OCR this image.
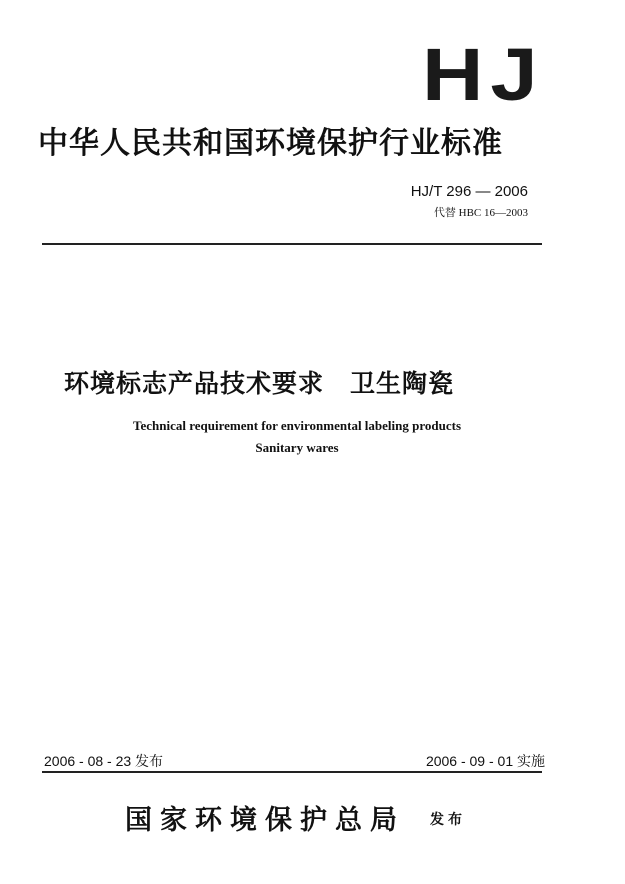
HJ
中华人民共和国环境保护行业标准
HJ/T 296 — 2006
代替 HBC 16—2003
环境标志产品技术要求 卫生陶瓷
Technical requirement for environmental labeling products
Sanitary wares
2006 - 08 - 23 发布	2006 - 09 - 01 实施
国家环境保护总局 发布
